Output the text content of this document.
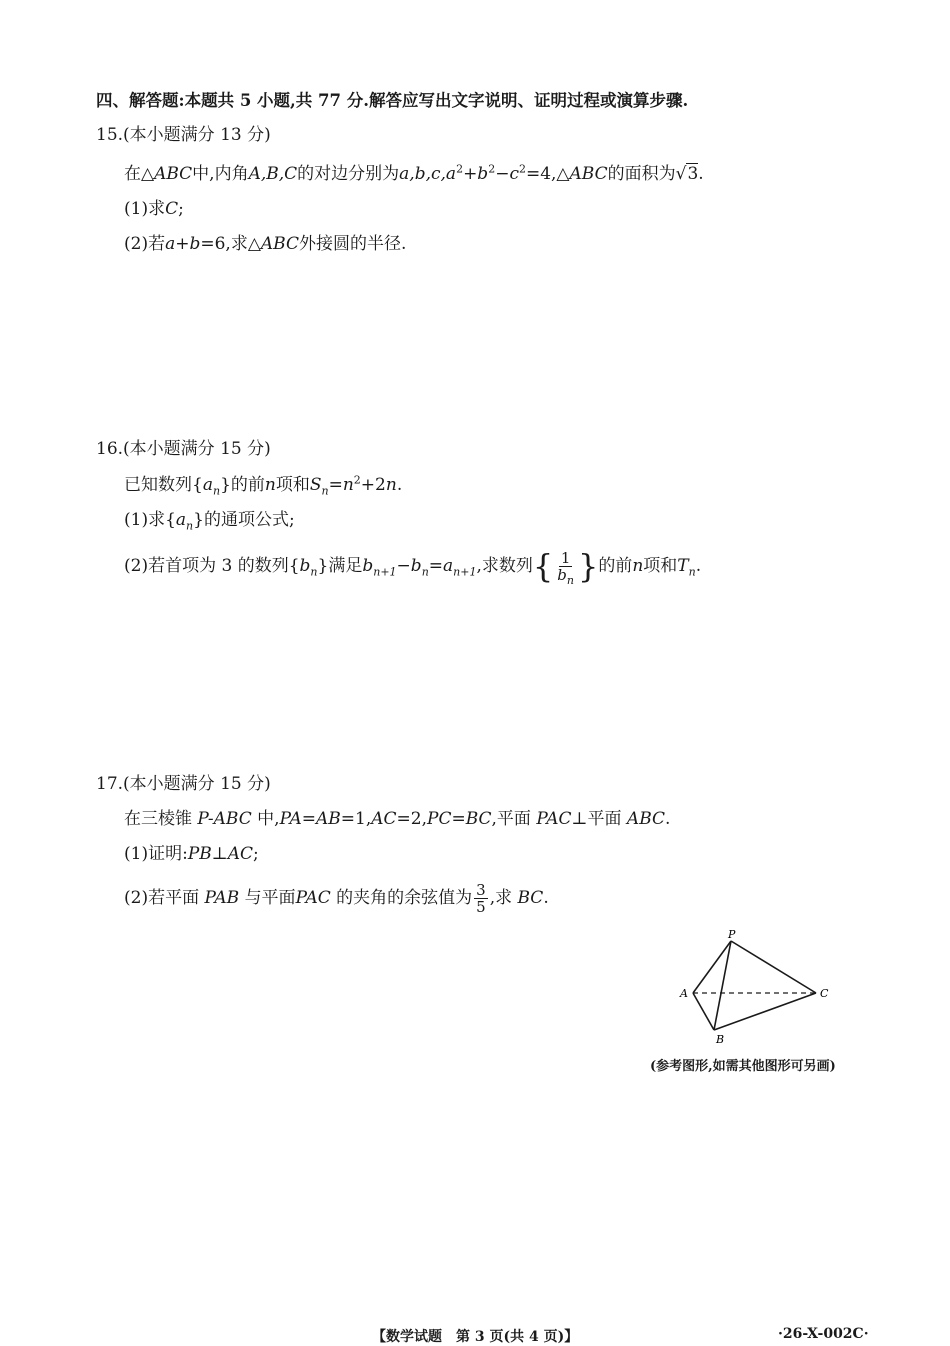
四、解答题:本题共 5 小题,共 77 分.解答应写出文字说明、证明过程或演算步骤.
15.(本小题满分 13 分)
在△ABC中,内角A,B,C的对边分别为$a,b,c,a^2+b^2-c^2=4,\triangle ABC$的面积为√3.
(1)求C;
(2)若a+b=6,求△ABC外接圆的半径.
16.(本小题满分 15 分)
已知数列$\{a_n\}$的前n项和$S_n=n^2+2n$.
(1)求$\{a_n\}$的通项公式;
(2)若首项为 3 的数列$\{b_n\}$满足$b_{n+1}-b_n=a_{n+1}$,求数列{ $\frac{1}{b_n}$ }的前n项和$T_n$.
17.(本小题满分 15 分)
在三棱锥 P-ABC 中,PA=AB=1,AC=2,PC=BC,平面 PAC⊥平面 ABC.
(1)证明:PB⊥AC;
(2)若平面 PAB 与平面PAC 的夹角的余弦值为 $\frac{3}{5}$ ,求 BC.
P
A
B
C
(参考图形,如需其他图形可另画)
【数学试题　第 3 页(共 4 页)】	·26-X-002C·
